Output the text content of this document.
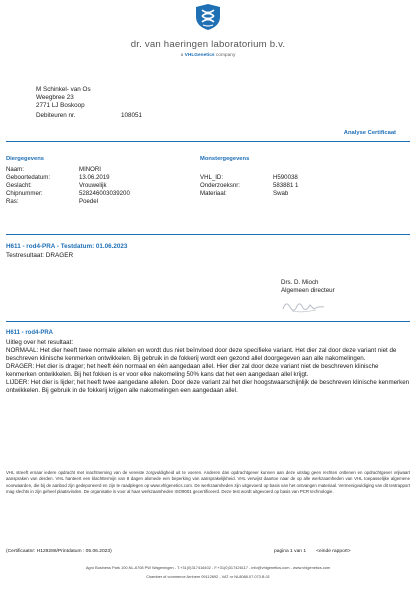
dr. van haeringen laboratorium b.v.
a VHLGenetics company
M Schinkel- van Os
Weegbree 23
2771 LJ Boskoop
Debiteuren nr.	108051
Analyse Certificaat
Diergegevens
Naam:	MINORI
Geboortedatum:	13.06.2019
Geslacht:	Vrouwelijk
Chipnummer:	528246003039200
Ras:	Poedel
Monstergegevens
VHL_ID:	H590038
Onderzoeksnr:	583881 1
Materiaal:	Swab
H611 - rod4-PRA - Testdatum: 01.06.2023
Testresultaat: DRAGER
Drs. D. Mioch
Algemeen directeur
H611 - rod4-PRA
Uitleg over het resultaat:
NORMAAL: Het dier heeft twee normale allelen en wordt dus niet beïnvloed door deze specifieke variant. Het dier zal door deze variant niet de beschreven klinische kenmerken ontwikkelen. Bij gebruik in de fokkerij wordt een gezond allel doorgegeven aan alle nakomelingen.
DRAGER: Het dier is drager; het heeft één normaal en één aangedaan allel. Hier dier zal door deze variant niet de beschreven klinische kenmerken ontwikkelen. Bij het fokken is er voor elke nakomeling 50% kans dat het een aangedaan allel krijgt.
LIJDER: Het dier is lijder; het heeft twee aangedane allelen. Door deze variant zal het dier hoogstwaarschijnlijk de beschreven klinische kenmerken ontwikkelen. Bij gebruik in de fokkerij krijgen alle nakomelingen een aangedaan allel.
VHL streeft ernaar iedere opdracht met inachtneming van de vereiste zorgvuldigheid uit te voeren. Anderen dan opdrachtgever kunnen aan deze uitslag geen rechten ontlenen en opdrachtgever vrijwaart aanspraken van derden. VHL hanteert een klachttermijn van 8 dagen alsmede een beperking van aansprakelijkheid. VHL verwijst daartoe naar de op alle werkzaamheden van VHL toepasselijke algemene voorwaarden, die bij de aanbod zijn gedeponeerd en zijn te raadplegen op www.vhlgenetics.com. De werkzaamheden zijn uitgevoerd op basis van het ontvangen materiaal. Vermenigvuldiging van dit testrapport mag slechts in zijn geheel plaatsvinden. De organisatie is voor al haar werkzaamheden ISO9001 gecertificeerd. Deze test wordt uitgevoerd op basis van PCR technologie.
(Certificaatnr: H129286/Printdatum : 05.06.2023)	pagina 1 van 1 <einde rapport>
Agro Business Park 100,NL-6708 PW Wageningen - T.+31(0)317416402 - F.+31(0)317426117 - info@vhlgenetics.com - www.vhlgenetics.com
Chamber of commerce Arnhem 09112692 - VAT nr NL8088.07.073.B.01
